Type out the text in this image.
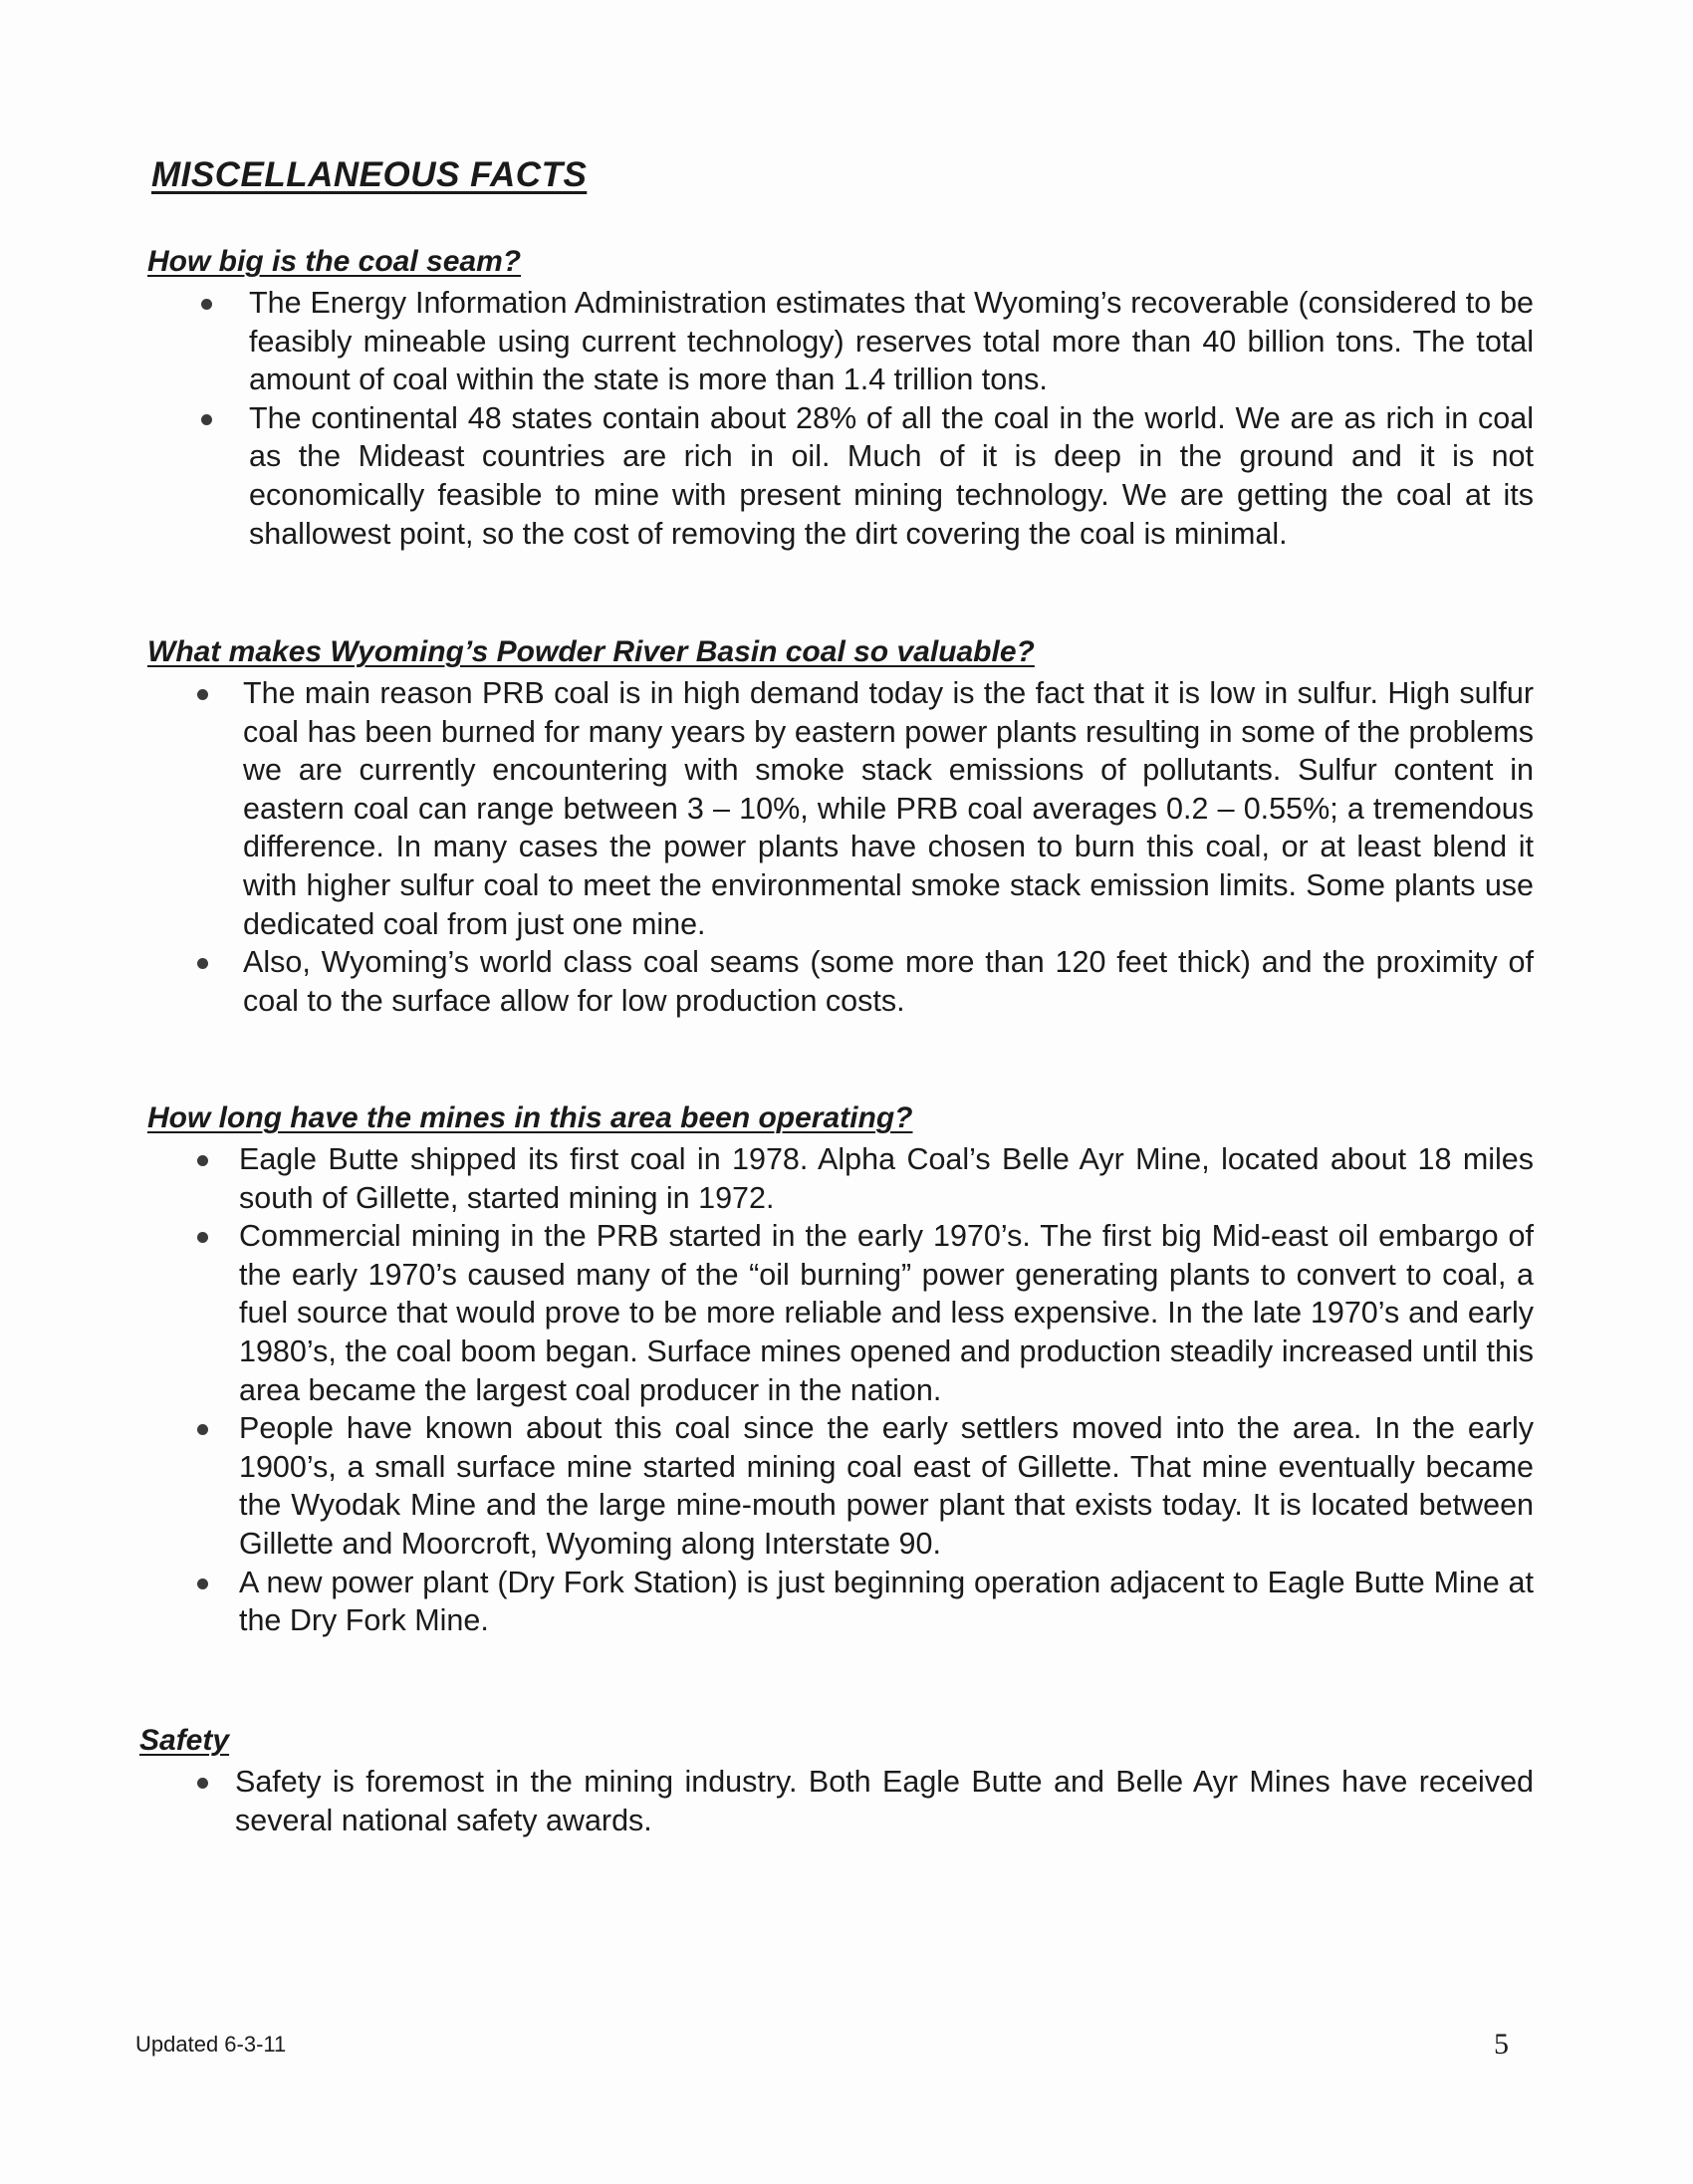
MISCELLANEOUS FACTS
How big is the coal seam?
The Energy Information Administration estimates that Wyoming’s recoverable (considered to be feasibly mineable using current technology) reserves total more than 40 billion tons. The total amount of coal within the state is more than 1.4 trillion tons.
The continental 48 states contain about 28% of all the coal in the world. We are as rich in coal as the Mideast countries are rich in oil. Much of it is deep in the ground and it is not economically feasible to mine with present mining technology. We are getting the coal at its shallowest point, so the cost of removing the dirt covering the coal is minimal.
What makes Wyoming’s Powder River Basin coal so valuable?
The main reason PRB coal is in high demand today is the fact that it is low in sulfur. High sulfur coal has been burned for many years by eastern power plants resulting in some of the problems we are currently encountering with smoke stack emissions of pollutants. Sulfur content in eastern coal can range between 3 – 10%, while PRB coal averages 0.2 – 0.55%; a tremendous difference. In many cases the power plants have chosen to burn this coal, or at least blend it with higher sulfur coal to meet the environmental smoke stack emission limits. Some plants use dedicated coal from just one mine.
Also, Wyoming’s world class coal seams (some more than 120 feet thick) and the proximity of coal to the surface allow for low production costs.
How long have the mines in this area been operating?
Eagle Butte shipped its first coal in 1978. Alpha Coal’s Belle Ayr Mine, located about 18 miles south of Gillette, started mining in 1972.
Commercial mining in the PRB started in the early 1970’s. The first big Mid-east oil embargo of the early 1970’s caused many of the “oil burning” power generating plants to convert to coal, a fuel source that would prove to be more reliable and less expensive. In the late 1970’s and early 1980’s, the coal boom began. Surface mines opened and production steadily increased until this area became the largest coal producer in the nation.
People have known about this coal since the early settlers moved into the area. In the early 1900’s, a small surface mine started mining coal east of Gillette. That mine eventually became the Wyodak Mine and the large mine-mouth power plant that exists today. It is located between Gillette and Moorcroft, Wyoming along Interstate 90.
A new power plant (Dry Fork Station) is just beginning operation adjacent to Eagle Butte Mine at the Dry Fork Mine.
Safety
Safety is foremost in the mining industry. Both Eagle Butte and Belle Ayr Mines have received several national safety awards.
Updated 6-3-11	5
